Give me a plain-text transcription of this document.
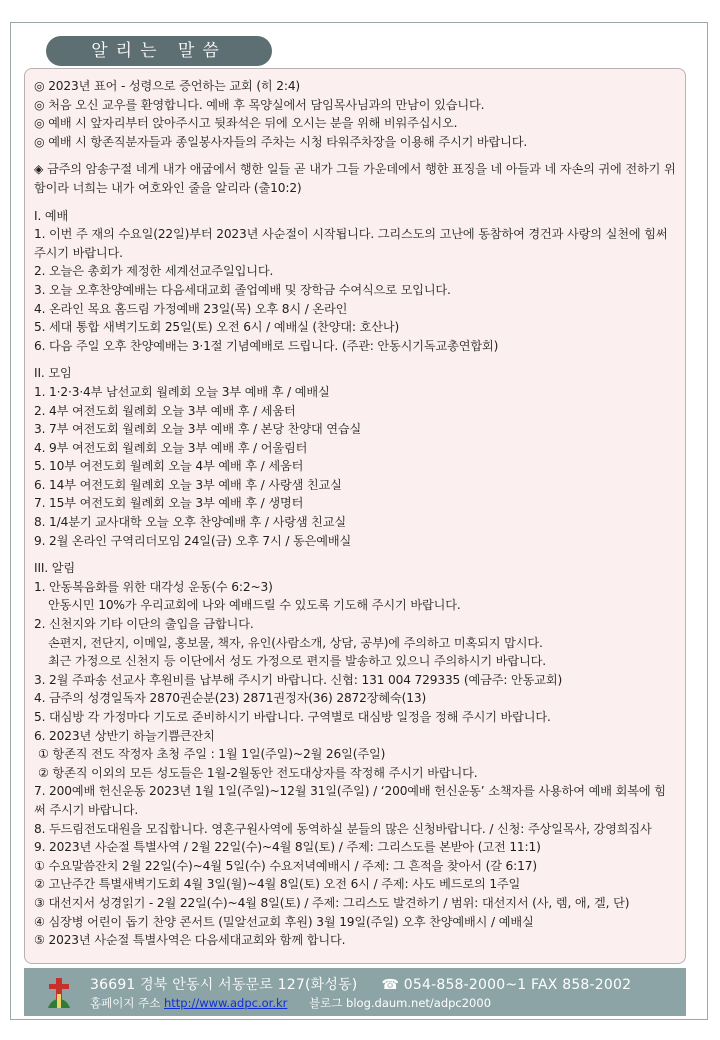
알리는 말씀
◎ 2023년 표어 - 성령으로 증언하는 교회 (히 2:4)
◎ 처음 오신 교우를 환영합니다. 예배 후 목양실에서 담임목사님과의 만남이 있습니다.
◎ 예배 시 앞자리부터 앉아주시고 뒷좌석은 뒤에 오시는 분을 위해 비워주십시오.
◎ 예배 시 항존직분자들과 종일봉사자들의 주차는 시청 타워주차장을 이용해 주시기 바랍니다.
◈ 금주의 암송구절 네게 내가 애굽에서 행한 일들 곧 내가 그들 가운데에서 행한 표징을 네 아들과 네 자손의 귀에 전하기 위함이라 너희는 내가 여호와인 줄을 알리라 (출10:2)
I. 예배
1. 이번 주 재의 수요일(22일)부터 2023년 사순절이 시작됩니다. 그리스도의 고난에 동참하여 경건과 사랑의 실천에 힘써 주시기 바랍니다.
2. 오늘은 총회가 제정한 세계선교주일입니다.
3. 오늘 오후찬양예배는 다음세대교회 졸업예배 및 장학금 수여식으로 모입니다.
4. 온라인 목요 홈드림 가정예배 23일(목) 오후 8시 / 온라인
5. 세대 통합 새벽기도회 25일(토) 오전 6시 / 예배실 (찬양대: 호산나)
6. 다음 주일 오후 찬양예배는 3·1절 기념예배로 드립니다. (주관: 안동시기독교총연합회)
II. 모임
1. 1·2·3·4부 남선교회 월례회 오늘 3부 예배 후 / 예배실
2. 4부 여전도회 월례회 오늘 3부 예배 후 / 세움터
3. 7부 여전도회 월례회 오늘 3부 예배 후 / 본당 찬양대 연습실
4. 9부 여전도회 월례회 오늘 3부 예배 후 / 어울림터
5. 10부 여전도회 월례회 오늘 4부 예배 후 / 세움터
6. 14부 여전도회 월례회 오늘 3부 예배 후 / 사랑샘 친교실
7. 15부 여전도회 월례회 오늘 3부 예배 후 / 생명터
8. 1/4분기 교사대학 오늘 오후 찬양예배 후 / 사랑샘 친교실
9. 2월 온라인 구역리더모임 24일(금) 오후 7시 / 동은예배실
III. 알림
1. 안동복음화를 위한 대각성 운동(수 6:2~3)
안동시민 10%가 우리교회에 나와 예배드릴 수 있도록 기도해 주시기 바랍니다.
2. 신천지와 기타 이단의 출입을 금합니다.
손편지, 전단지, 이메일, 홍보물, 책자, 유인(사람소개, 상담, 공부)에 주의하고 미혹되지 맙시다.
최근 가정으로 신천지 등 이단에서 성도 가정으로 편지를 발송하고 있으니 주의하시기 바랍니다.
3. 2월 주파송 선교사 후원비를 납부해 주시기 바랍니다. 신협: 131 004 729335 (예금주: 안동교회)
4. 금주의 성경일독자 2870권순분(23) 2871권정자(36) 2872장혜숙(13)
5. 대심방 각 가정마다 기도로 준비하시기 바랍니다. 구역별로 대심방 일정을 정해 주시기 바랍니다.
6. 2023년 상반기 하늘기쁨큰잔치
① 항존직 전도 작정자 초청 주일 : 1월 1일(주일)~2월 26일(주일)
② 항존직 이외의 모든 성도들은 1월-2월동안 전도대상자를 작정해 주시기 바랍니다.
7. 200예배 헌신운동 2023년 1월 1일(주일)~12월 31일(주일) / ‘200예배 헌신운동’ 소책자를 사용하여 예배 회복에 힘써 주시기 바랍니다.
8. 두드림전도대원을 모집합니다. 영혼구원사역에 동역하실 분들의 많은 신청바랍니다. / 신청: 주상일목사, 강영희집사
9. 2023년 사순절 특별사역 / 2월 22일(수)~4월 8일(토) / 주제: 그리스도를 본받아 (고전 11:1)
① 수요말씀잔치 2월 22일(수)~4월 5일(수) 수요저녁예배시 / 주제: 그 흔적을 찾아서 (갈 6:17)
② 고난주간 특별새벽기도회 4월 3일(월)~4월 8일(토) 오전 6시 / 주제: 사도 베드로의 1주일
③ 대선지서 성경읽기 - 2월 22일(수)~4월 8일(토) / 주제: 그리스도 발견하기 / 범위: 대선지서 (사, 렘, 애, 겔, 단)
④ 심장병 어린이 돕기 찬양 콘서트 (밀알선교회 후원) 3월 19일(주일) 오후 찬양예배시 / 예배실
⑤ 2023년 사순절 특별사역은 다음세대교회와 함께 합니다.
36691 경북 안동시 서동문로 127(화성동) ☎ 054-858-2000~1 FAX 858-2002
홈페이지 주소 http://www.adpc.or.kr 블로그 blog.daum.net/adpc2000
